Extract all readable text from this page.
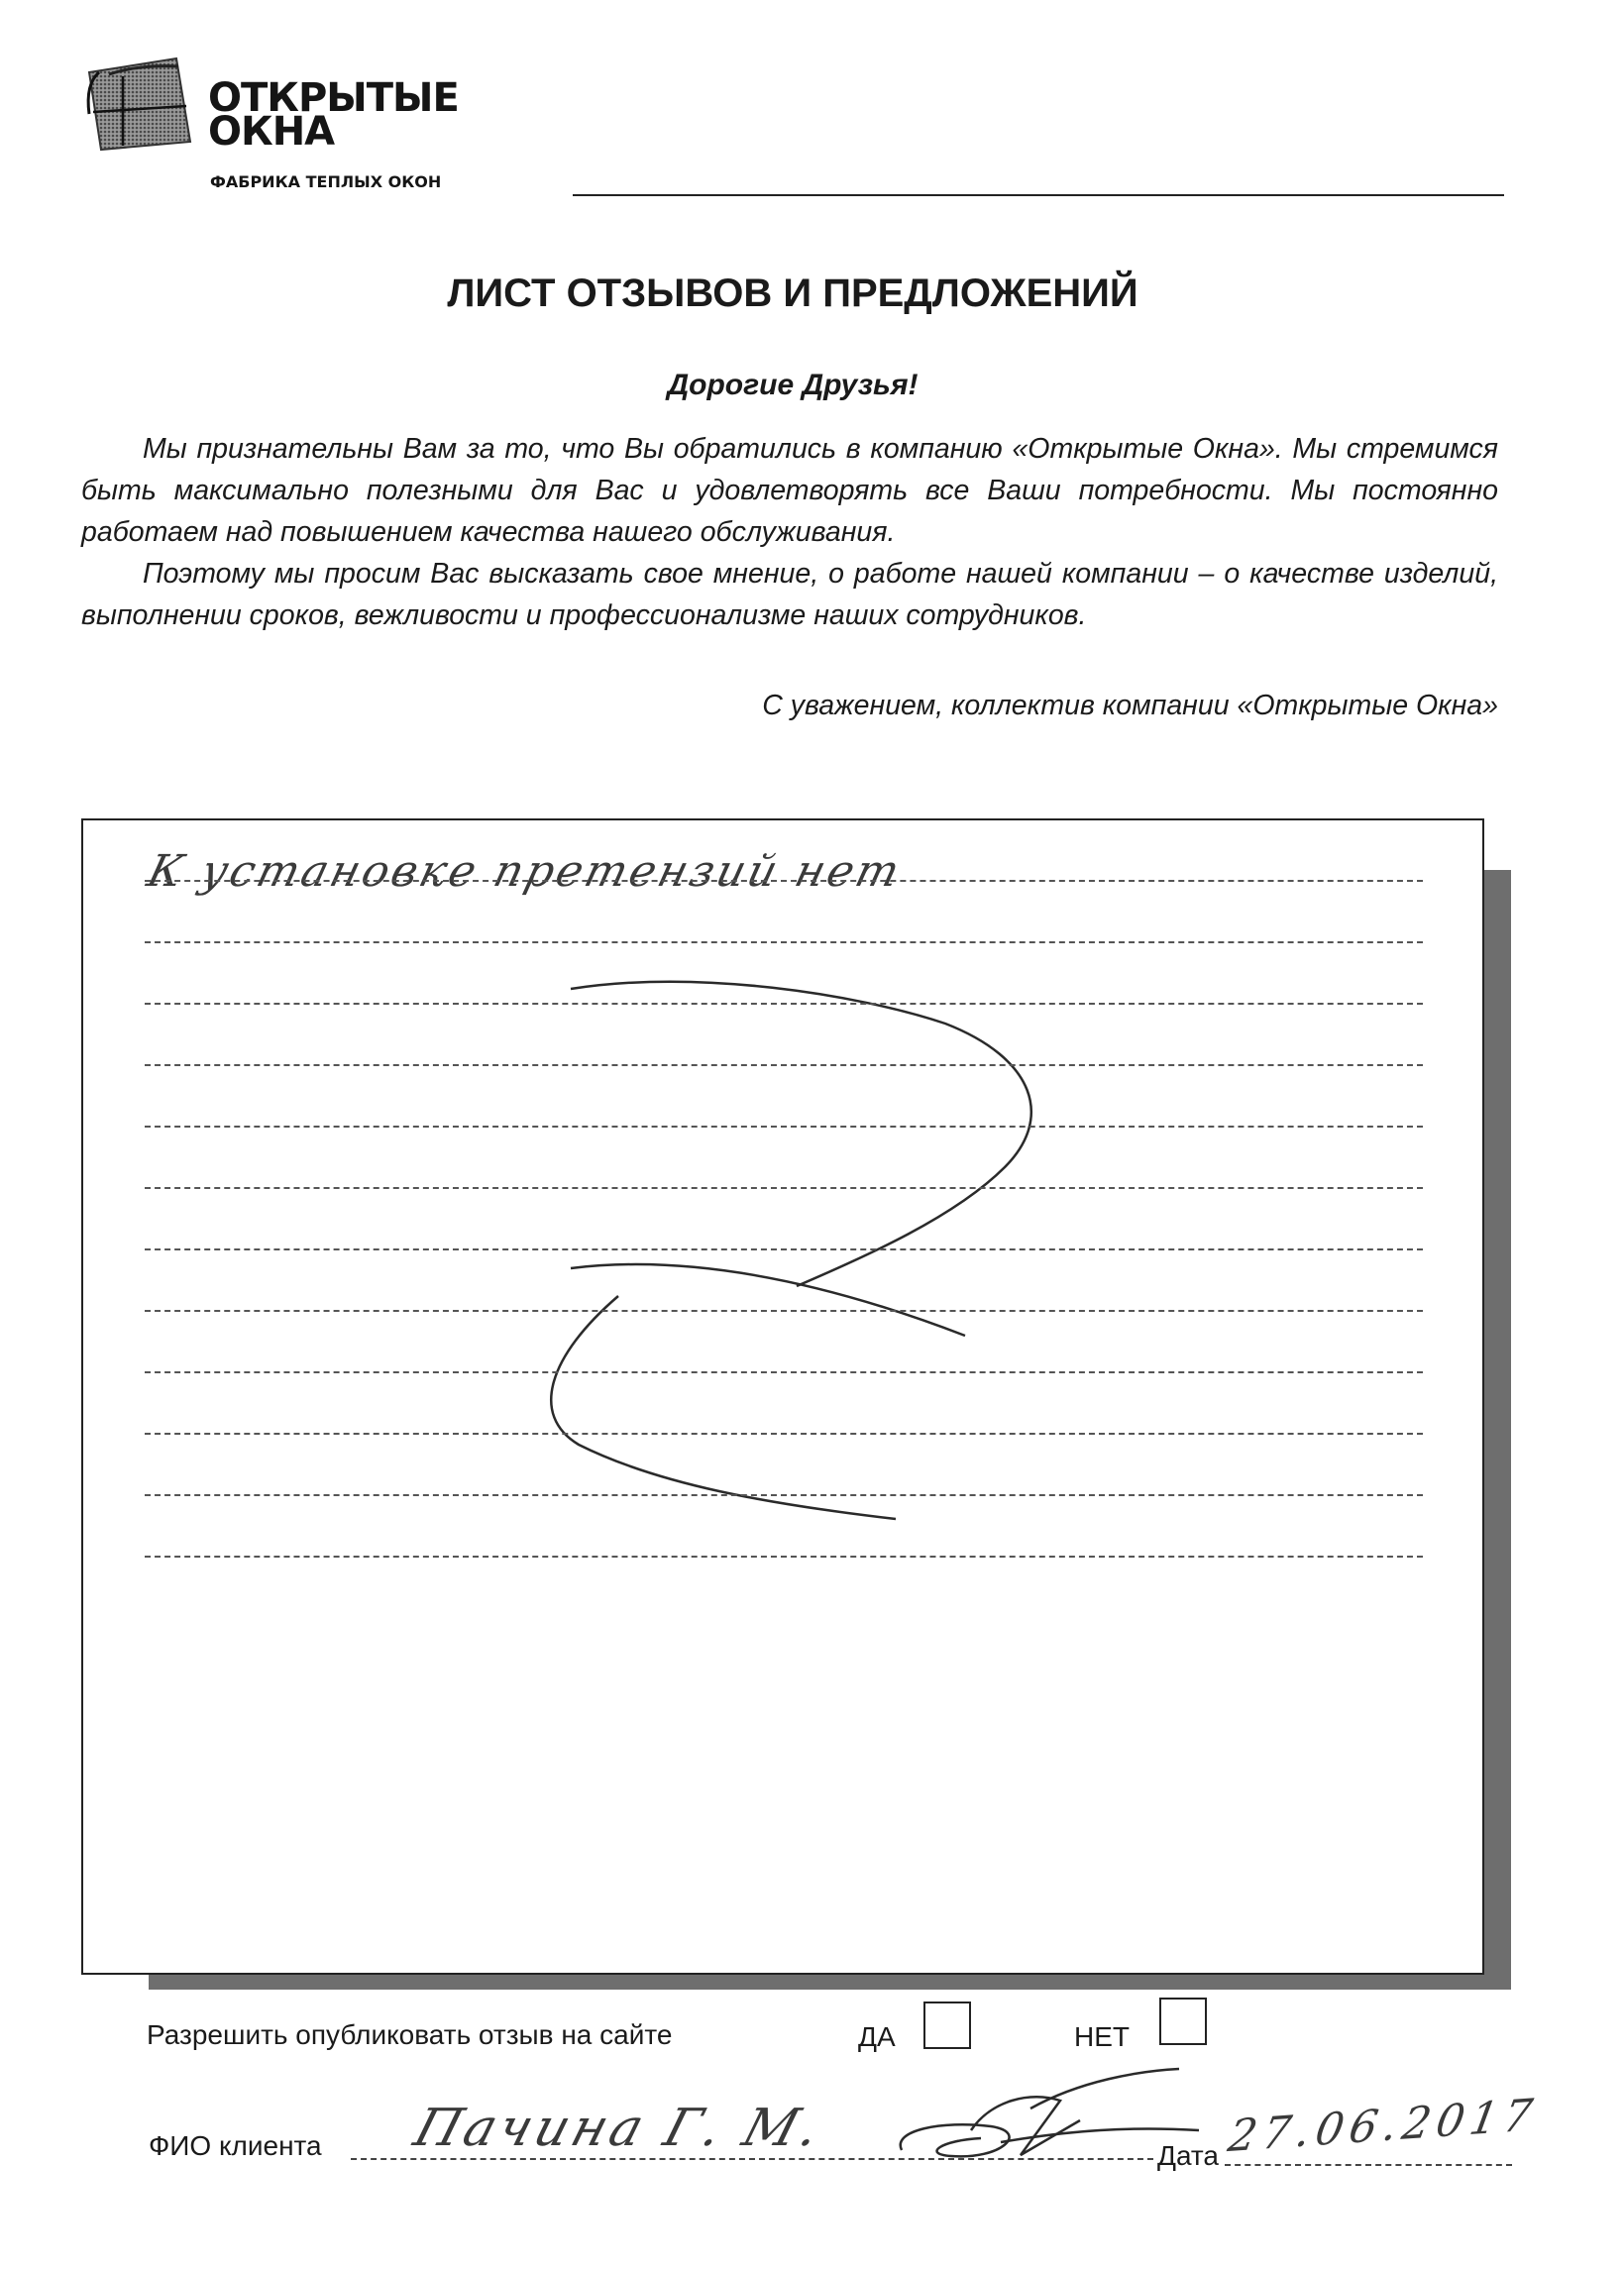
ОТКРЫТЫЕ
ОКНА
ФАБРИКА ТЕПЛЫХ ОКОН
ЛИСТ ОТЗЫВОВ И ПРЕДЛОЖЕНИЙ
Дорогие Друзья!

Мы признательны Вам за то, что Вы обратились в компанию «Открытые Окна». Мы стремимся быть максимально полезными для Вас и удовлетворять все Ваши потребности. Мы постоянно работаем над повышением качества нашего обслуживания.

Поэтому мы просим Вас высказать свое мнение, о работе нашей компании – о качестве изделий, выполнении сроков, вежливости и профессионализме наших сотрудников.

С уважением, коллектив компании «Открытые Окна»
К установке претензий нет
Разрешить опубликовать отзыв на сайте	ДА	НЕТ
ФИО клиента Пачина Г. М.	Дата 27.06.2017
